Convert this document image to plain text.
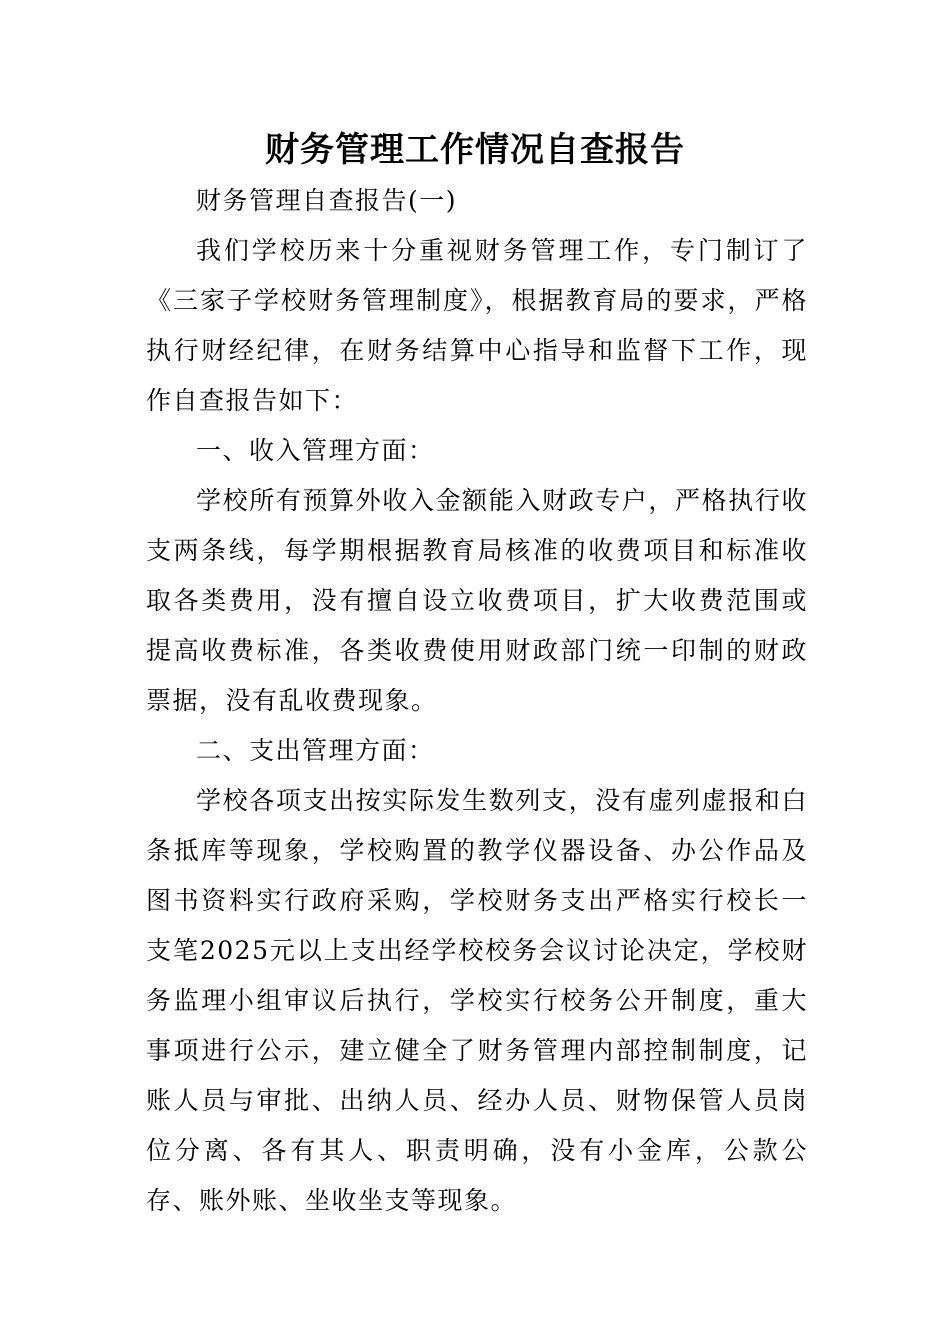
财务管理工作情况自查报告

财务管理自查报告(一)

我们学校历来十分重视财务管理工作，专门制订了《三家子学校财务管理制度》，根据教育局的要求，严格执行财经纪律，在财务结算中心指导和监督下工作，现作自查报告如下：

一、收入管理方面：

学校所有预算外收入金额能入财政专户，严格执行收支两条线，每学期根据教育局核准的收费项目和标准收取各类费用，没有擅自设立收费项目，扩大收费范围或提高收费标准，各类收费使用财政部门统一印制的财政票据，没有乱收费现象。

二、支出管理方面：

学校各项支出按实际发生数列支，没有虚列虚报和白条抵库等现象，学校购置的教学仪器设备、办公作品及图书资料实行政府采购，学校财务支出严格实行校长一支笔2025元以上支出经学校校务会议讨论决定，学校财务监理小组审议后执行，学校实行校务公开制度，重大事项进行公示，建立健全了财务管理内部控制制度，记账人员与审批、出纳人员、经办人员、财物保管人员岗位分离、各有其人、职责明确，没有小金库，公款公存、账外账、坐收坐支等现象。
